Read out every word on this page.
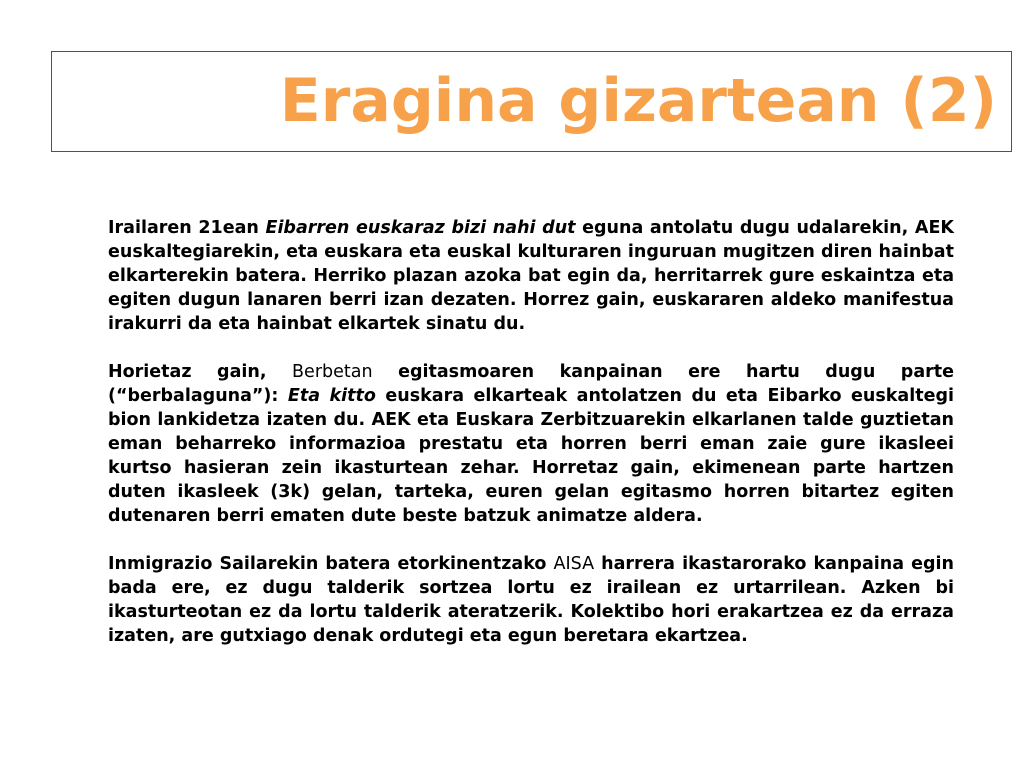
Eragina gizartean (2)

Irailaren 21ean Eibarren euskaraz bizi nahi dut eguna antolatu dugu udalarekin, AEK euskaltegiarekin, eta euskara eta euskal kulturaren inguruan mugitzen diren hainbat elkarterekin batera. Herriko plazan azoka bat egin da, herritarrek gure eskaintza eta egiten dugun lanaren berri izan dezaten. Horrez gain, euskararen aldeko manifestua irakurri da eta hainbat elkartek sinatu du.

Horietaz gain, Berbetan egitasmoaren kanpainan ere hartu dugu parte (“berbalaguna”): Eta kitto euskara elkarteak antolatzen du eta Eibarko euskaltegi bion lankidetza izaten du. AEK eta Euskara Zerbitzuarekin elkarlanen talde guztietan eman beharreko informazioa prestatu eta horren berri eman zaie gure ikasleei kurtso hasieran zein ikasturtean zehar. Horretaz gain, ekimenean parte hartzen duten ikasleek (3k) gelan, tarteka, euren gelan egitasmo horren bitartez egiten dutenaren berri ematen dute beste batzuk animatze aldera.

Inmigrazio Sailarekin batera etorkinentzako AISA harrera ikastarorako kanpaina egin bada ere, ez dugu talderik sortzea lortu ez irailean ez urtarrilean. Azken bi ikasturteotan ez da lortu talderik ateratzerik. Kolektibo hori erakartzea ez da erraza izaten, are gutxiago denak ordutegi eta egun beretara ekartzea.
